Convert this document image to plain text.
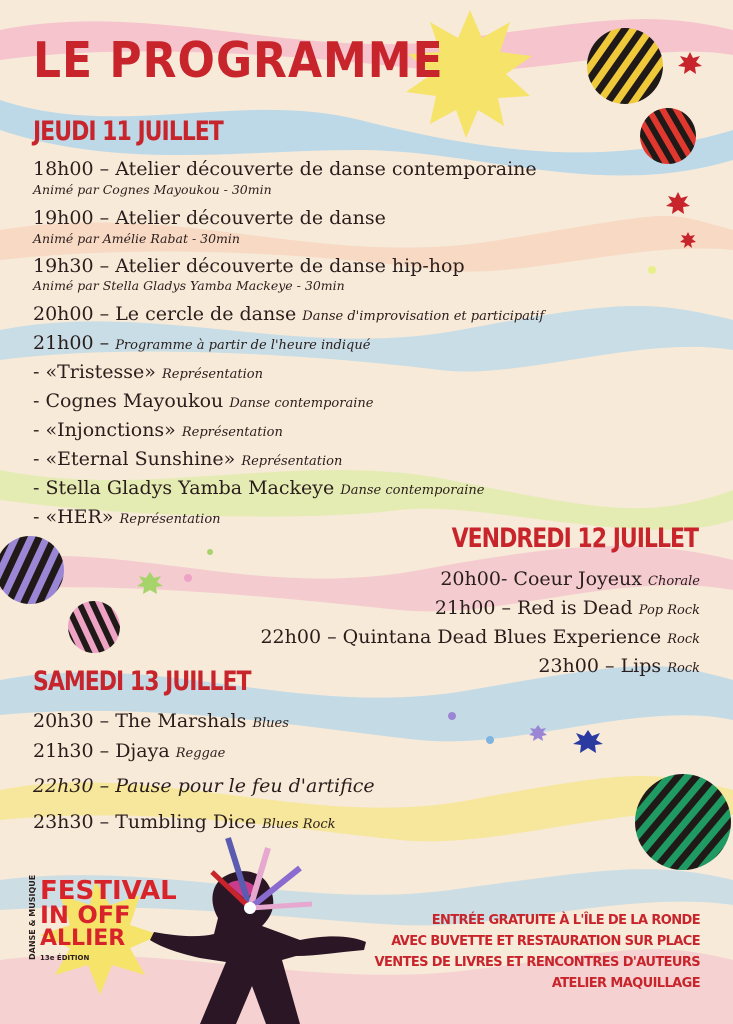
LE PROGRAMME
JEUDI 11 JUILLET
18h00 – Atelier découverte de danse contemporaine
Animé par Cognes Mayoukou - 30min
19h00 – Atelier découverte de danse
Animé par Amélie Rabat - 30min
19h30 – Atelier découverte de danse hip-hop
Animé par Stella Gladys Yamba Mackeye - 30min
20h00 – Le cercle de danse Danse d'improvisation et participatif
21h00 – Programme à partir de l'heure indiqué
- «Tristesse» Représentation
- Cognes Mayoukou Danse contemporaine
- «Injonctions» Représentation
- «Eternal Sunshine» Représentation
- Stella Gladys Yamba Mackeye Danse contemporaine
- «HER» Représentation
VENDREDI 12 JUILLET
20h00- Coeur Joyeux Chorale
21h00 – Red is Dead Pop Rock
22h00 – Quintana Dead Blues Experience Rock
23h00 – Lips Rock
SAMEDI 13 JUILLET
20h30 – The Marshals Blues
21h30 – Djaya Reggae
22h30 – Pause pour le feu d'artifice
23h30 – Tumbling Dice Blues Rock
DANSE & MUSIQUE FESTIVAL
IN OFF
ALLIER
13e ÉDITION
ENTRÉE GRATUITE À L'ÎLE DE LA RONDE
AVEC BUVETTE ET RESTAURATION SUR PLACE
VENTES DE LIVRES ET RENCONTRES D'AUTEURS
ATELIER MAQUILLAGE
